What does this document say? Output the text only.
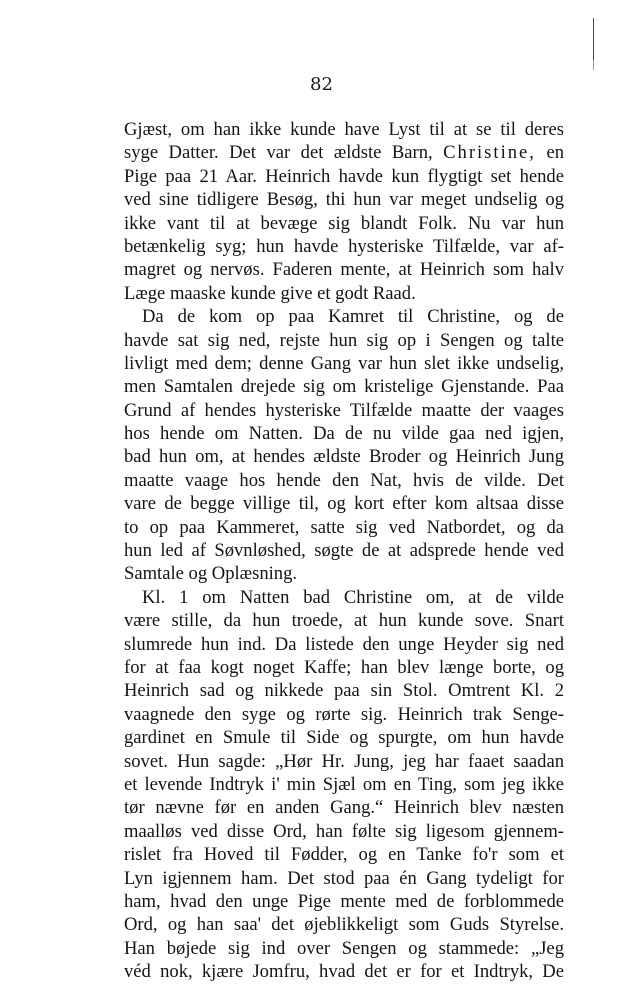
82
Gjæst, om han ikke kunde have Lyst til at se til deres
syge Datter. Det var det ældste Barn, Christine, en
Pige paa 21 Aar. Heinrich havde kun flygtigt set hende
ved sine tidligere Besøg, thi hun var meget undselig og
ikke vant til at bevæge sig blandt Folk. Nu var hun
betænkelig syg; hun havde hysteriske Tilfælde, var af-
magret og nervøs. Faderen mente, at Heinrich som halv
Læge maaske kunde give et godt Raad.
Da de kom op paa Kamret til Christine, og de
havde sat sig ned, rejste hun sig op i Sengen og talte
livligt med dem; denne Gang var hun slet ikke undselig,
men Samtalen drejede sig om kristelige Gjenstande. Paa
Grund af hendes hysteriske Tilfælde maatte der vaages
hos hende om Natten. Da de nu vilde gaa ned igjen,
bad hun om, at hendes ældste Broder og Heinrich Jung
maatte vaage hos hende den Nat, hvis de vilde. Det
vare de begge villige til, og kort efter kom altsaa disse
to op paa Kammeret, satte sig ved Natbordet, og da
hun led af Søvnløshed, søgte de at adsprede hende ved
Samtale og Oplæsning.
Kl. 1 om Natten bad Christine om, at de vilde
være stille, da hun troede, at hun kunde sove. Snart
slumrede hun ind. Da listede den unge Heyder sig ned
for at faa kogt noget Kaffe; han blev længe borte, og
Heinrich sad og nikkede paa sin Stol. Omtrent Kl. 2
vaagnede den syge og rørte sig. Heinrich trak Senge-
gardinet en Smule til Side og spurgte, om hun havde
sovet. Hun sagde: „Hør Hr. Jung, jeg har faaet saadan
et levende Indtryk i' min Sjæl om en Ting, som jeg ikke
tør nævne før en anden Gang.“ Heinrich blev næsten
maalløs ved disse Ord, han følte sig ligesom gjennem-
rislet fra Hoved til Fødder, og en Tanke fo'r som et
Lyn igjennem ham. Det stod paa én Gang tydeligt for
ham, hvad den unge Pige mente med de forblommede
Ord, og han saa' det øjeblikkeligt som Guds Styrelse.
Han bøjede sig ind over Sengen og stammede: „Jeg
véd nok, kjære Jomfru, hvad det er for et Indtryk, De
